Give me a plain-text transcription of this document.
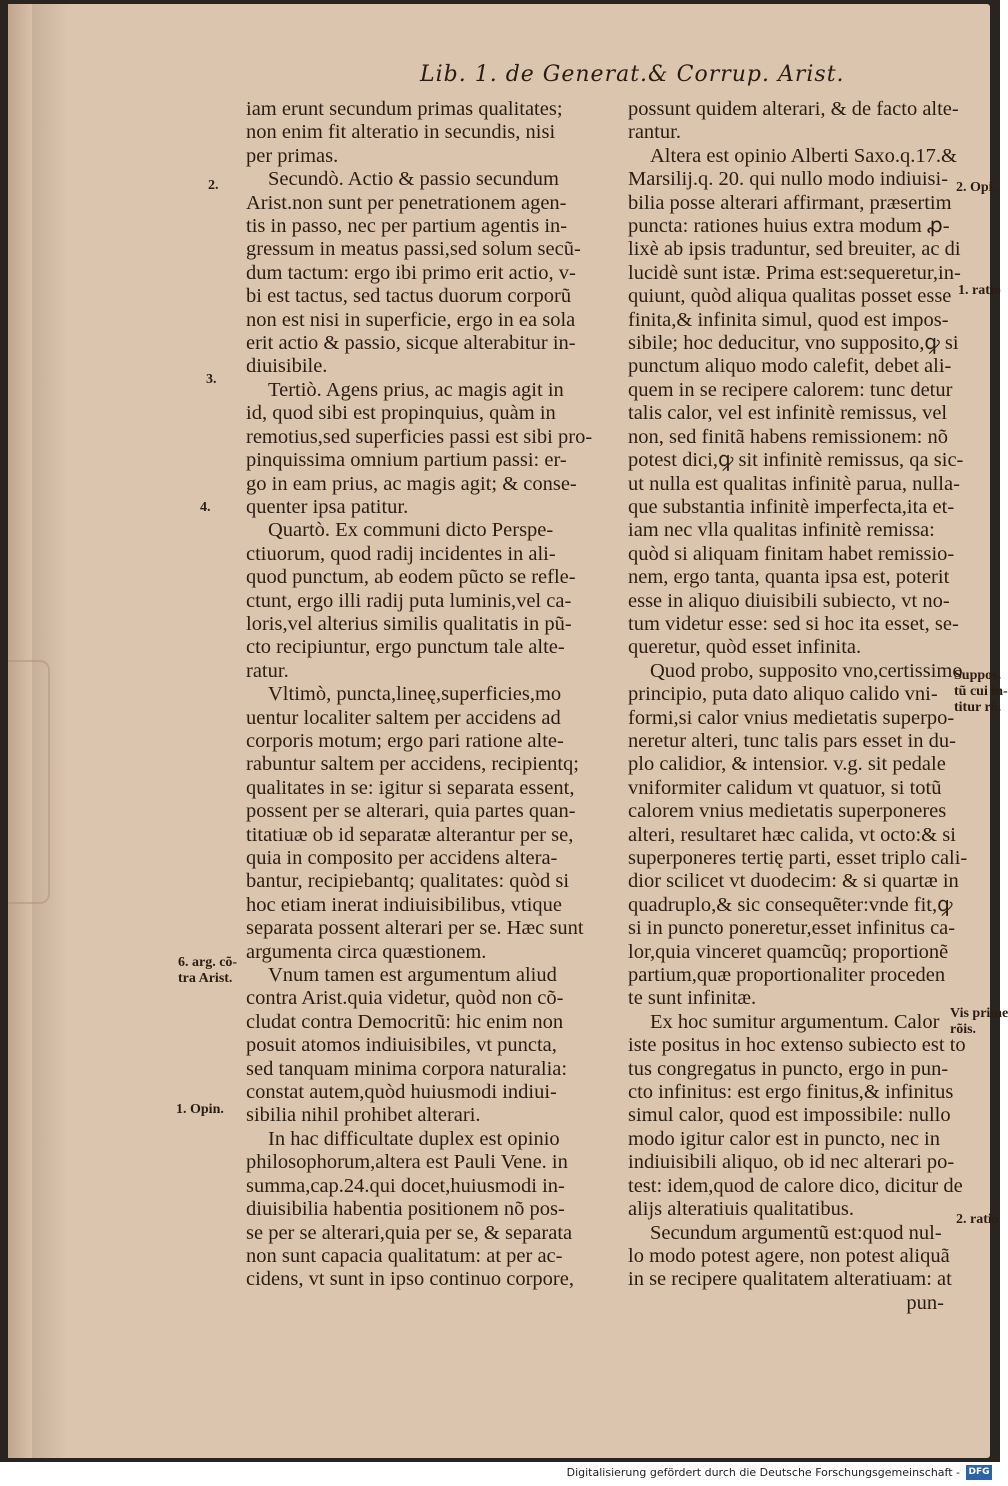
Lib. 1. de Generat.& Corrup. Arist.

iam erunt secundum primas qualitates;

non enim fit alteratio in secundis, nisi

per primas.

Secundò. Actio & passio secundum

Arist.non sunt per penetrationem agen-

tis in passo, nec per partium agentis in-

gressum in meatus passi,sed solum secũ-

dum tactum: ergo ibi primo erit actio, v-

bi est tactus, sed tactus duorum corporũ

non est nisi in superficie, ergo in ea sola

erit actio & passio, sicque alterabitur in-

diuisibile.

Tertiò. Agens prius, ac magis agit in

id, quod sibi est propinquius, quàm in

remotius,sed superficies passi est sibi pro-

pinquissima omnium partium passi: er-

go in eam prius, ac magis agit; & conse-

quenter ipsa patitur.

Quartò. Ex communi dicto Perspe-

ctiuorum, quod radij incidentes in ali-

quod punctum, ab eodem pũcto se refle-

ctunt, ergo illi radij puta luminis,vel ca-

loris,vel alterius similis qualitatis in pũ-

cto recipiuntur, ergo punctum tale alte-

ratur.

Vltimò, puncta,lineę,superficies,mo

uentur localiter saltem per accidens ad

corporis motum; ergo pari ratione alte-

rabuntur saltem per accidens, recipientq;

qualitates in se: igitur si separata essent,

possent per se alterari, quia partes quan-

titatiuæ ob id separatæ alterantur per se,

quia in composito per accidens altera-

bantur, recipiebantq; qualitates: quòd si

hoc etiam inerat indiuisibilibus, vtique

separata possent alterari per se. Hæc sunt

argumenta circa quæstionem.

Vnum tamen est argumentum aliud

contra Arist.quia videtur, quòd non cõ-

cludat contra Democritũ: hic enim non

posuit atomos indiuisibiles, vt puncta,

sed tanquam minima corpora naturalia:

constat autem,quòd huiusmodi indiui-

sibilia nihil prohibet alterari.

In hac difficultate duplex est opinio

philosophorum,altera est Pauli Vene. in

summa,cap.24.qui docet,huiusmodi in-

diuisibilia habentia positionem nõ pos-

se per se alterari,quia per se, & separata

non sunt capacia qualitatum: at per ac-

cidens, vt sunt in ipso continuo corpore,

possunt quidem alterari, & de facto alte-

rantur.

Altera est opinio Alberti Saxo.q.17.&

Marsilij.q. 20. qui nullo modo indiuisi-

bilia posse alterari affirmant, præsertim

puncta: rationes huius extra modum ꝓ-

lixè ab ipsis traduntur, sed breuiter, ac di

lucidè sunt istæ. Prima est:sequeretur,in-

quiunt, quòd aliqua qualitas posset esse

finita,& infinita simul, quod est impos-

sibile; hoc deducitur, vno supposito,ꝙ si

punctum aliquo modo calefit, debet ali-

quem in se recipere calorem: tunc detur

talis calor, vel est infinitè remissus, vel

non, sed finitã habens remissionem: nõ

potest dici,ꝙ sit infinitè remissus, qa sic-

ut nulla est qualitas infinitè parua, nulla-

que substantia infinitè imperfecta,ita et-

iam nec vlla qualitas infinitè remissa:

quòd si aliquam finitam habet remissio-

nem, ergo tanta, quanta ipsa est, poterit

esse in aliquo diuisibili subiecto, vt no-

tum videtur esse: sed si hoc ita esset, se-

queretur, quòd esset infinita.

Quod probo, supposito vno,certissimo

principio, puta dato aliquo calido vni-

formi,si calor vnius medietatis superpo-

neretur alteri, tunc talis pars esset in du-

plo calidior, & intensior. v.g. sit pedale

vniformiter calidum vt quatuor, si totũ

calorem vnius medietatis superponeres

alteri, resultaret hæc calida, vt octo:& si

superponeres tertię parti, esset triplo cali-

dior scilicet vt duodecim: & si quartæ in

quadruplo,& sic consequẽter:vnde fit,ꝙ

si in puncto poneretur,esset infinitus ca-

lor,quia vinceret quamcũq; proportionẽ

partium,quæ proportionaliter proceden

te sunt infinitæ.

Ex hoc sumitur argumentum. Calor

iste positus in hoc extenso subiecto est to

tus congregatus in puncto, ergo in pun-

cto infinitus: est ergo finitus,& infinitus

simul calor, quod est impossibile: nullo

modo igitur calor est in puncto, nec in

indiuisibili aliquo, ob id nec alterari po-

test: idem,quod de calore dico, dicitur de

alijs alteratiuis qualitatibus.

Secundum argumentũ est:quod nul-

lo modo potest agere, non potest aliquã

in se recipere qualitatem alteratiuam: at

pun-

2.
3.
4.
6. arg. cõ-
tra Arist.
1. Opin.
2. Opi.
1. ratio
Suppos.
tũ cui in-
titur rõ.
Vis prime
rõis.
2. ratio
Digitalisierung gefördert durch die Deutsche Forschungsgemeinschaft - DFG
